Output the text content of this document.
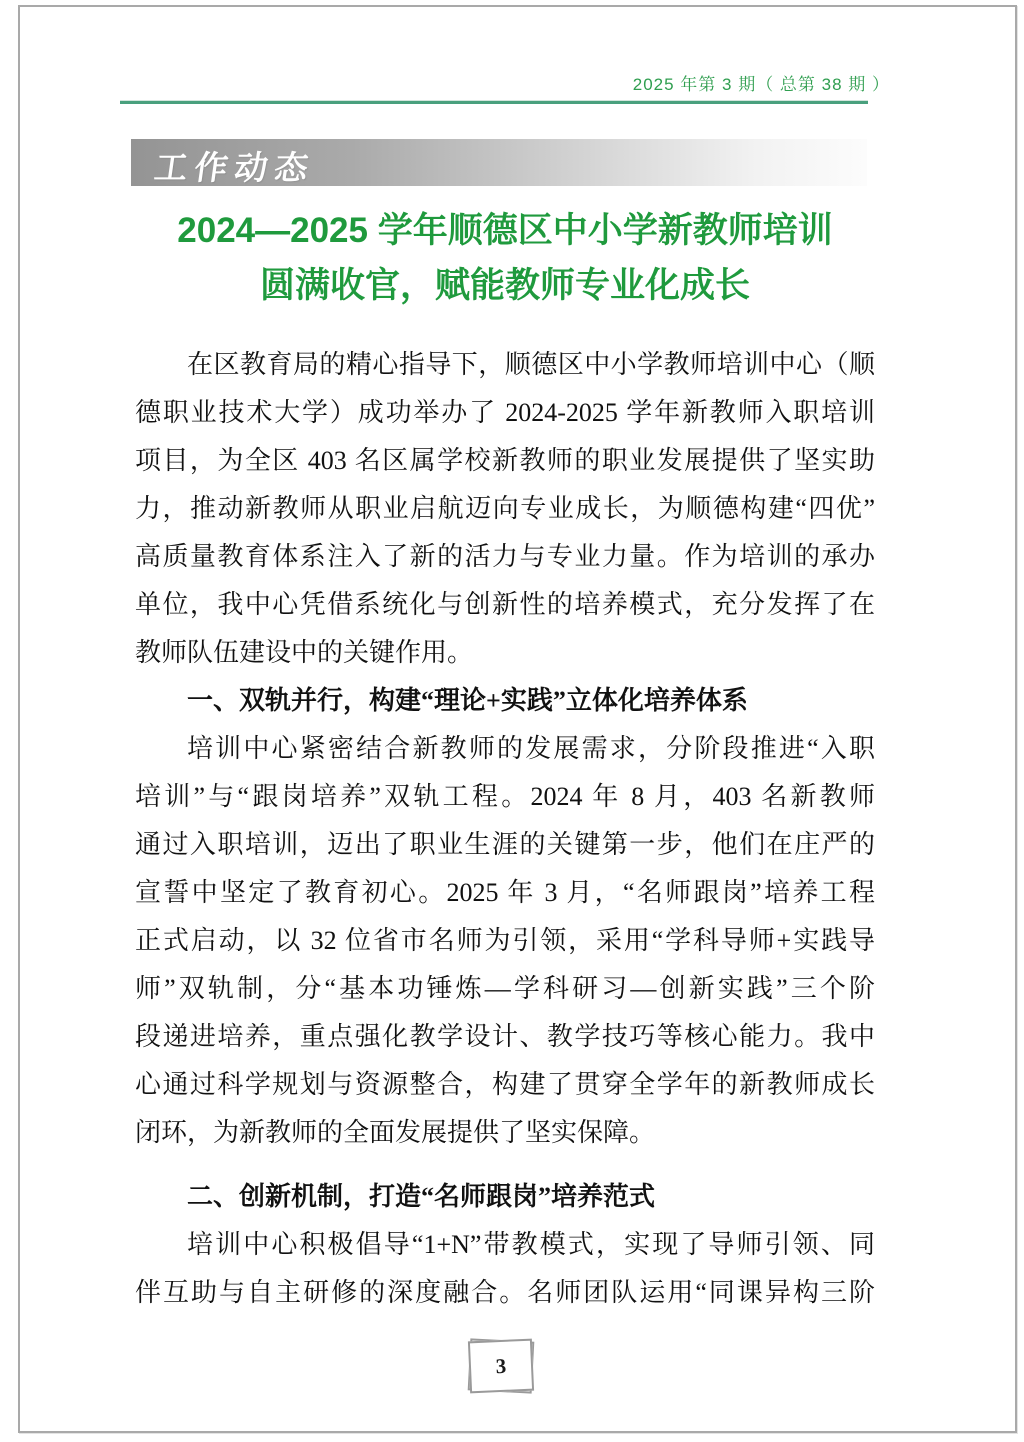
2025 年第 3 期（ 总第 38 期 ）
工作动态
2024—2025 学年顺德区中小学新教师培训
圆满收官，赋能教师专业化成长
在区教育局的精心指导下，顺德区中小学教师培训中心（顺
德职业技术大学）成功举办了 2024-2025 学年新教师入职培训
项目，为全区 403 名区属学校新教师的职业发展提供了坚实助
力，推动新教师从职业启航迈向专业成长，为顺德构建“四优”
高质量教育体系注入了新的活力与专业力量。作为培训的承办
单位，我中心凭借系统化与创新性的培养模式，充分发挥了在
教师队伍建设中的关键作用。
一、双轨并行，构建“理论+实践”立体化培养体系
培训中心紧密结合新教师的发展需求，分阶段推进“入职
培训”与“跟岗培养”双轨工程。2024 年 8 月，403 名新教师
通过入职培训，迈出了职业生涯的关键第一步，他们在庄严的
宣誓中坚定了教育初心。2025 年 3 月，“名师跟岗”培养工程
正式启动，以 32 位省市名师为引领，采用“学科导师+实践导
师”双轨制，分“基本功锤炼—学科研习—创新实践”三个阶
段递进培养，重点强化教学设计、教学技巧等核心能力。我中
心通过科学规划与资源整合，构建了贯穿全学年的新教师成长
闭环，为新教师的全面发展提供了坚实保障。
二、创新机制，打造“名师跟岗”培养范式
培训中心积极倡导“1+N”带教模式，实现了导师引领、同
伴互助与自主研修的深度融合。名师团队运用“同课异构三阶
3
